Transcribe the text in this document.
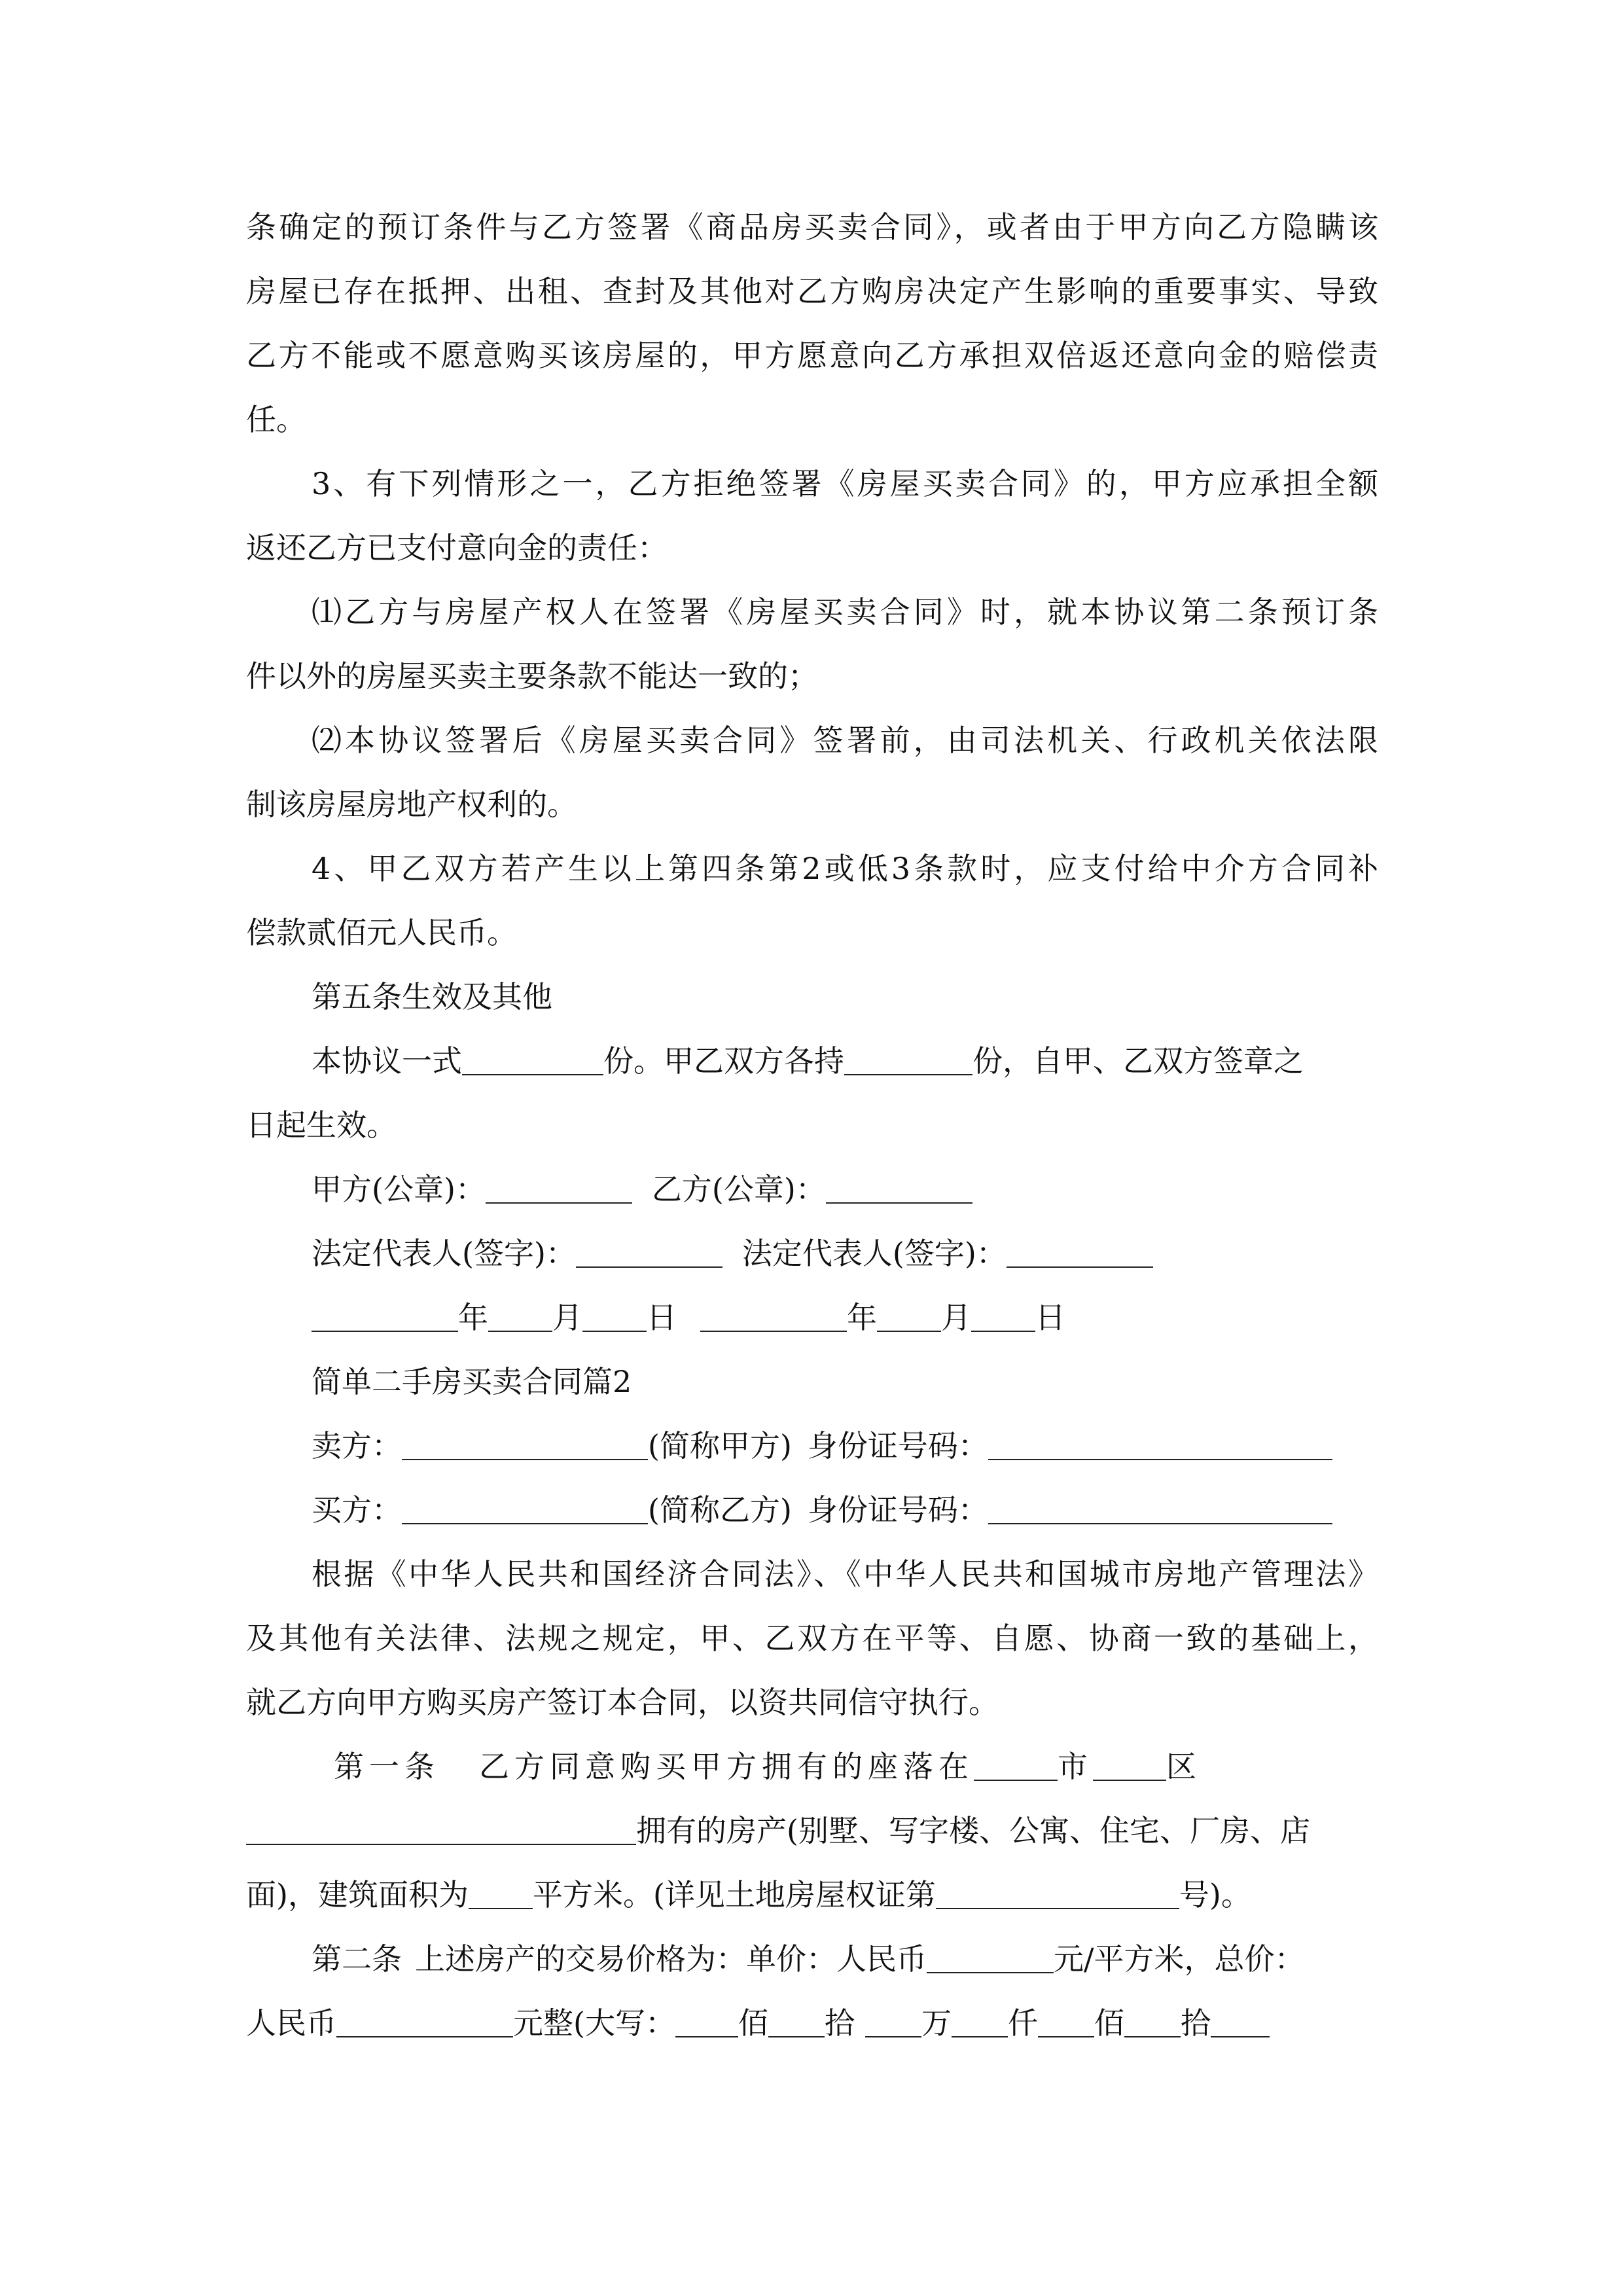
条确定的预订条件与乙方签署《商品房买卖合同》，或者由于甲方向乙方隐瞒该
房屋已存在抵押、出租、查封及其他对乙方购房决定产生影响的重要事实、导致
乙方不能或不愿意购买该房屋的，甲方愿意向乙方承担双倍返还意向金的赔偿责
任。
3、有下列情形之一，乙方拒绝签署《房屋买卖合同》的，甲方应承担全额
返还乙方已支付意向金的责任：
⑴乙方与房屋产权人在签署《房屋买卖合同》时，就本协议第二条预订条
件以外的房屋买卖主要条款不能达一致的；
⑵本协议签署后《房屋买卖合同》签署前，由司法机关、行政机关依法限
制该房屋房地产权利的。
4、甲乙双方若产生以上第四条第2或低3条款时，应支付给中介方合同补
偿款贰佰元人民币。
第五条生效及其他
本协议一式	份。甲乙双方各持	份，自甲、乙双方签章之
日起生效。
甲方(公章)：	乙方(公章)：
法定代表人(签字)：	法定代表人(签字)：
年 月 日	年 月 日
简单二手房买卖合同篇2
卖方：	(简称甲方) 身份证号码：
买方：	(简称乙方) 身份证号码：
根据《中华人民共和国经济合同法》、《中华人民共和国城市房地产管理法》
及其他有关法律、法规之规定，甲、乙双方在平等、自愿、协商一致的基础上，
就乙方向甲方购买房产签订本合同，以资共同信守执行。
第一条 乙方同意购买甲方拥有的座落在	市 区
拥有的房产(别墅、写字楼、公寓、住宅、厂房、店
面)，建筑面积为 平方米。(详见土地房屋权证第	号)。
第二条 上述房产的交易价格为：单价：人民币	元/平方米，总价：
人民币	元整(大写： 佰 拾 万 仟 佰 拾
